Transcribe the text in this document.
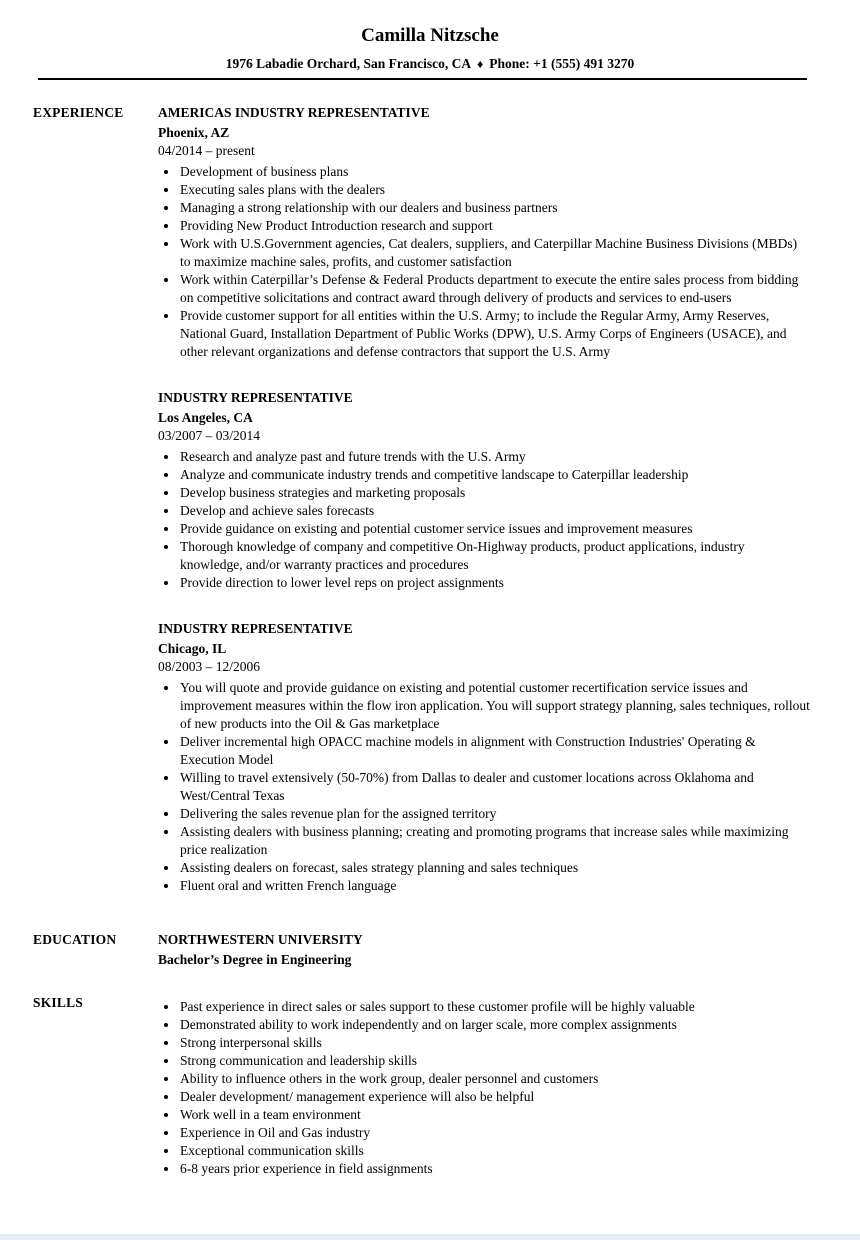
Camilla Nitzsche
1976 Labadie Orchard, San Francisco, CA ♦ Phone: +1 (555) 491 3270
EXPERIENCE	AMERICAS INDUSTRY REPRESENTATIVE
Phoenix, AZ
04/2014 – present
• Development of business plans
• Executing sales plans with the dealers
• Managing a strong relationship with our dealers and business partners
• Providing New Product Introduction research and support
• Work with U.S.Government agencies, Cat dealers, suppliers, and Caterpillar Machine Business Divisions (MBDs) to maximize machine sales, profits, and customer satisfaction
• Work within Caterpillar’s Defense & Federal Products department to execute the entire sales process from bidding on competitive solicitations and contract award through delivery of products and services to end-users
• Provide customer support for all entities within the U.S. Army; to include the Regular Army, Army Reserves, National Guard, Installation Department of Public Works (DPW), U.S. Army Corps of Engineers (USACE), and other relevant organizations and defense contractors that support the U.S. Army
INDUSTRY REPRESENTATIVE
Los Angeles, CA
03/2007 – 03/2014
• Research and analyze past and future trends with the U.S. Army
• Analyze and communicate industry trends and competitive landscape to Caterpillar leadership
• Develop business strategies and marketing proposals
• Develop and achieve sales forecasts
• Provide guidance on existing and potential customer service issues and improvement measures
• Thorough knowledge of company and competitive On-Highway products, product applications, industry knowledge, and/or warranty practices and procedures
• Provide direction to lower level reps on project assignments
INDUSTRY REPRESENTATIVE
Chicago, IL
08/2003 – 12/2006
• You will quote and provide guidance on existing and potential customer recertification service issues and improvement measures within the flow iron application. You will support strategy planning, sales techniques, rollout of new products into the Oil & Gas marketplace
• Deliver incremental high OPACC machine models in alignment with Construction Industries' Operating & Execution Model
• Willing to travel extensively (50-70%) from Dallas to dealer and customer locations across Oklahoma and West/Central Texas
• Delivering the sales revenue plan for the assigned territory
• Assisting dealers with business planning; creating and promoting programs that increase sales while maximizing price realization
• Assisting dealers on forecast, sales strategy planning and sales techniques
• Fluent oral and written French language
EDUCATION	NORTHWESTERN UNIVERSITY
Bachelor’s Degree in Engineering
SKILLS	• Past experience in direct sales or sales support to these customer profile will be highly valuable
• Demonstrated ability to work independently and on larger scale, more complex assignments
• Strong interpersonal skills
• Strong communication and leadership skills
• Ability to influence others in the work group, dealer personnel and customers
• Dealer development/ management experience will also be helpful
• Work well in a team environment
• Experience in Oil and Gas industry
• Exceptional communication skills
• 6-8 years prior experience in field assignments
